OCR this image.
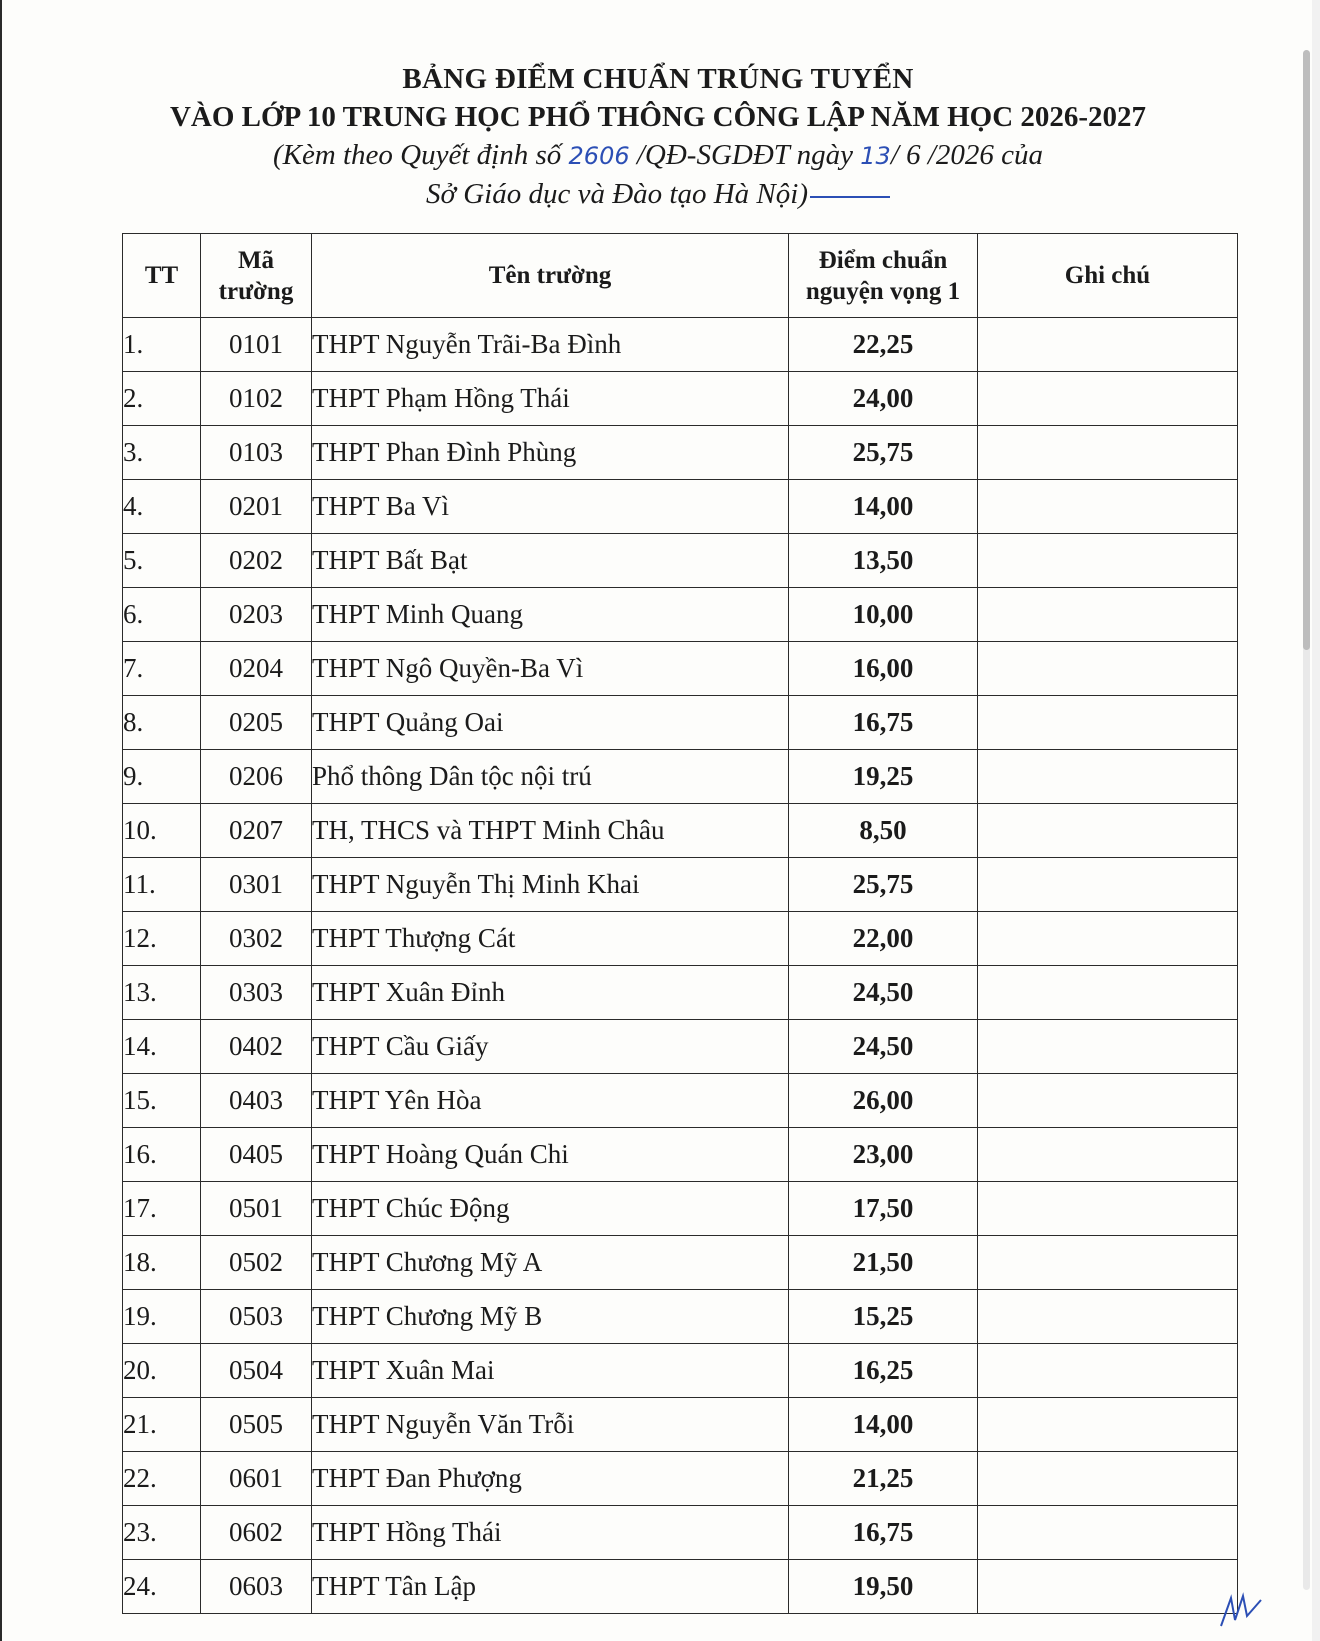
BẢNG ĐIỂM CHUẨN TRÚNG TUYỂN
VÀO LỚP 10 TRUNG HỌC PHỔ THÔNG CÔNG LẬP NĂM HỌC 2026-2027
(Kèm theo Quyết định số 2606 /QĐ-SGDĐT ngày 13/ 6 /2026 của
Sở Giáo dục và Đào tạo Hà Nội)
TT	Mã trường	Tên trường	Điểm chuẩn nguyện vọng 1	Ghi chú
1.	0101	THPT Nguyễn Trãi-Ba Đình	22,25	
2.	0102	THPT Phạm Hồng Thái	24,00	
3.	0103	THPT Phan Đình Phùng	25,75	
4.	0201	THPT Ba Vì	14,00	
5.	0202	THPT Bất Bạt	13,50	
6.	0203	THPT Minh Quang	10,00	
7.	0204	THPT Ngô Quyền-Ba Vì	16,00	
8.	0205	THPT Quảng Oai	16,75	
9.	0206	Phổ thông Dân tộc nội trú	19,25	
10.	0207	TH, THCS và THPT Minh Châu	8,50	
11.	0301	THPT Nguyễn Thị Minh Khai	25,75	
12.	0302	THPT Thượng Cát	22,00	
13.	0303	THPT Xuân Đỉnh	24,50	
14.	0402	THPT Cầu Giấy	24,50	
15.	0403	THPT Yên Hòa	26,00	
16.	0405	THPT Hoàng Quán Chi	23,00	
17.	0501	THPT Chúc Động	17,50	
18.	0502	THPT Chương Mỹ A	21,50	
19.	0503	THPT Chương Mỹ B	15,25	
20.	0504	THPT Xuân Mai	16,25	
21.	0505	THPT Nguyễn Văn Trỗi	14,00	
22.	0601	THPT Đan Phượng	21,25	
23.	0602	THPT Hồng Thái	16,75	
24.	0603	THPT Tân Lập	19,50	
